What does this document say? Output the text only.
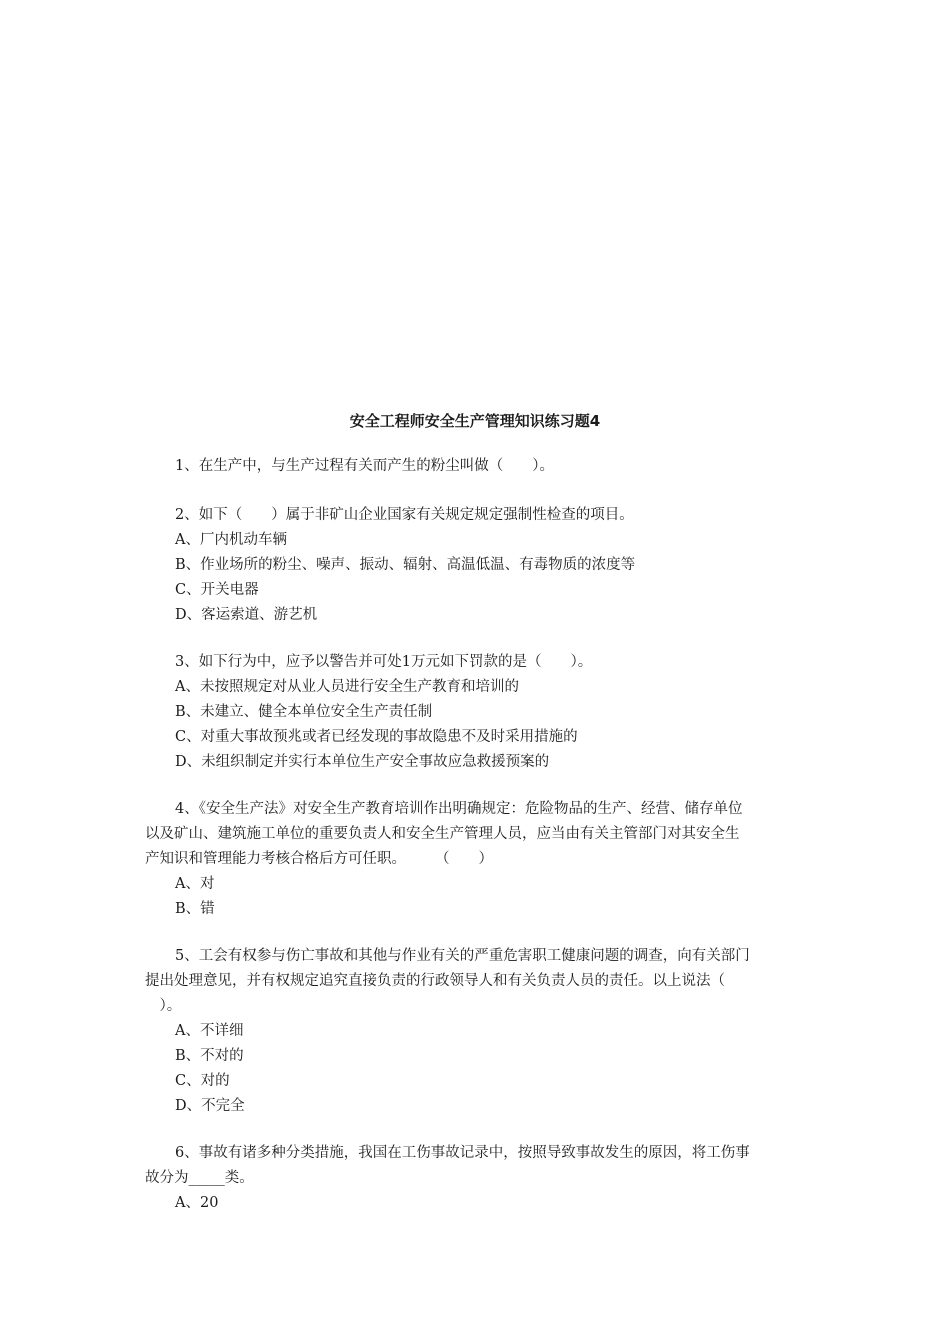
安全工程师安全生产管理知识练习题4
1、在生产中，与生产过程有关而产生的粉尘叫做（　　）。
2、如下（　　）属于非矿山企业国家有关规定规定强制性检查的项目。
A、厂内机动车辆
B、作业场所的粉尘、噪声、振动、辐射、高温低温、有毒物质的浓度等
C、开关电器
D、客运索道、游艺机
3、如下行为中，应予以警告并可处1万元如下罚款的是（　　）。
A、未按照规定对从业人员进行安全生产教育和培训的
B、未建立、健全本单位安全生产责任制
C、对重大事故预兆或者已经发现的事故隐患不及时采用措施的
D、未组织制定并实行本单位生产安全事故应急救援预案的
4、《安全生产法》对安全生产教育培训作出明确规定：危险物品的生产、经营、储存单位
以及矿山、建筑施工单位的重要负责人和安全生产管理人员，应当由有关主管部门对其安全生
产知识和管理能力考核合格后方可任职。　　　（　　）
A、对
B、错
5、工会有权参与伤亡事故和其他与作业有关的严重危害职工健康问题的调查，向有关部门
提出处理意见，并有权规定追究直接负责的行政领导人和有关负责人员的责任。以上说法（
　）。
A、不详细
B、不对的
C、对的
D、不完全
6、事故有诸多种分类措施，我国在工伤事故记录中，按照导致事故发生的原因，将工伤事
故分为_____类。
A、20
